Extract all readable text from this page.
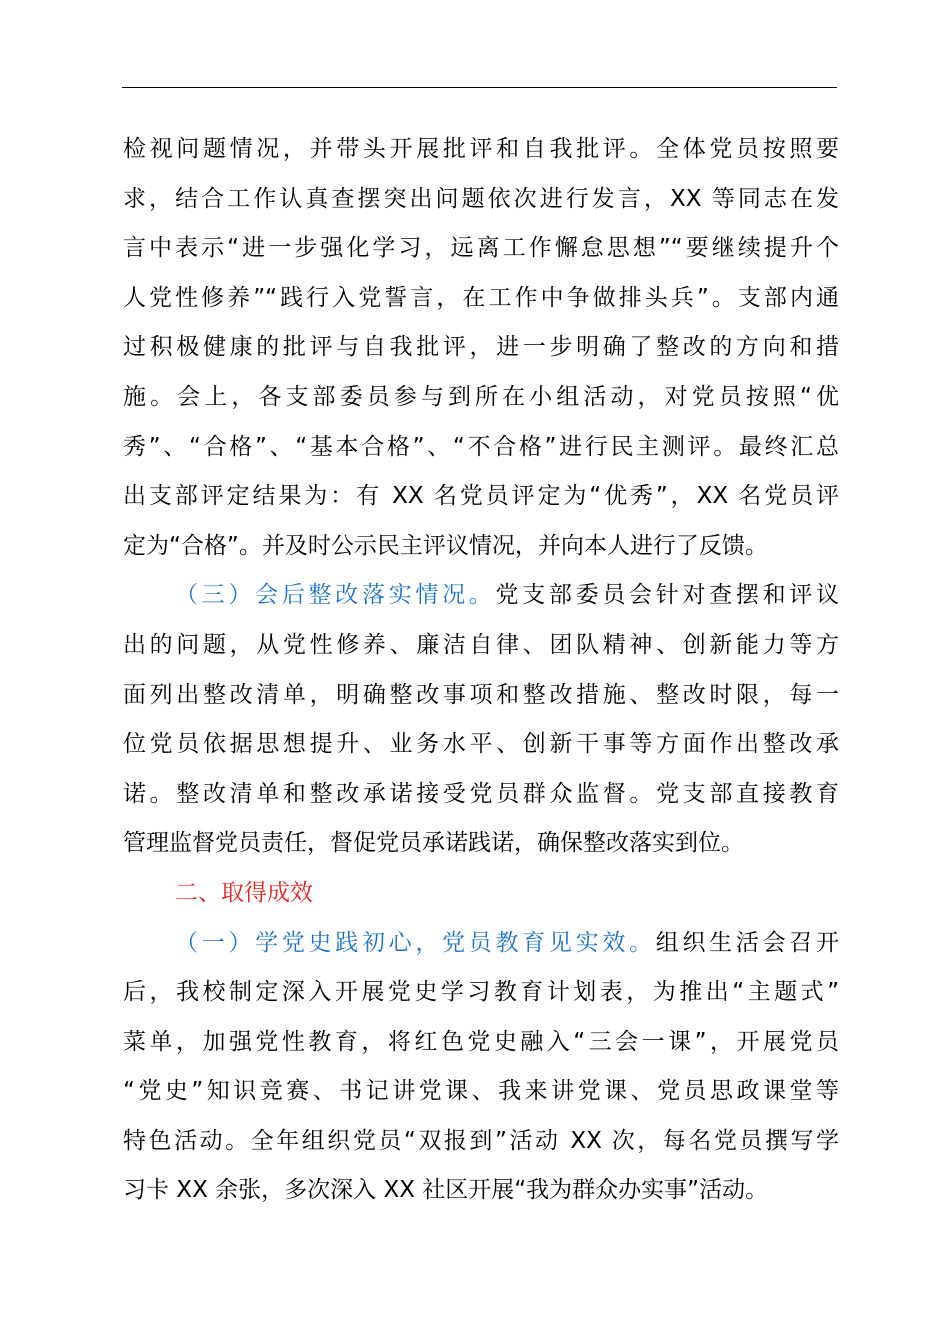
检视问题情况，并带头开展批评和自我批评。全体党员按照要
求，结合工作认真查摆突出问题依次进行发言，XX 等同志在发
言中表示“进一步强化学习，远离工作懈怠思想”“要继续提升个
人党性修养”“践行入党誓言，在工作中争做排头兵”。支部内通
过积极健康的批评与自我批评，进一步明确了整改的方向和措
施。会上，各支部委员参与到所在小组活动，对党员按照“优
秀”、“合格”、“基本合格”、“不合格”进行民主测评。最终汇总
出支部评定结果为：有 XX 名党员评定为“优秀”，XX 名党员评
定为“合格”。并及时公示民主评议情况，并向本人进行了反馈。
（三）会后整改落实情况。党支部委员会针对查摆和评议
出的问题，从党性修养、廉洁自律、团队精神、创新能力等方
面列出整改清单，明确整改事项和整改措施、整改时限，每一
位党员依据思想提升、业务水平、创新干事等方面作出整改承
诺。整改清单和整改承诺接受党员群众监督。党支部直接教育
管理监督党员责任，督促党员承诺践诺，确保整改落实到位。
二、取得成效
（一）学党史践初心，党员教育见实效。组织生活会召开
后，我校制定深入开展党史学习教育计划表，为推出“主题式”
菜单，加强党性教育，将红色党史融入“三会一课”，开展党员
“党史”知识竞赛、书记讲党课、我来讲党课、党员思政课堂等
特色活动。全年组织党员“双报到”活动 XX 次，每名党员撰写学
习卡 XX 余张，多次深入 XX 社区开展“我为群众办实事”活动。
